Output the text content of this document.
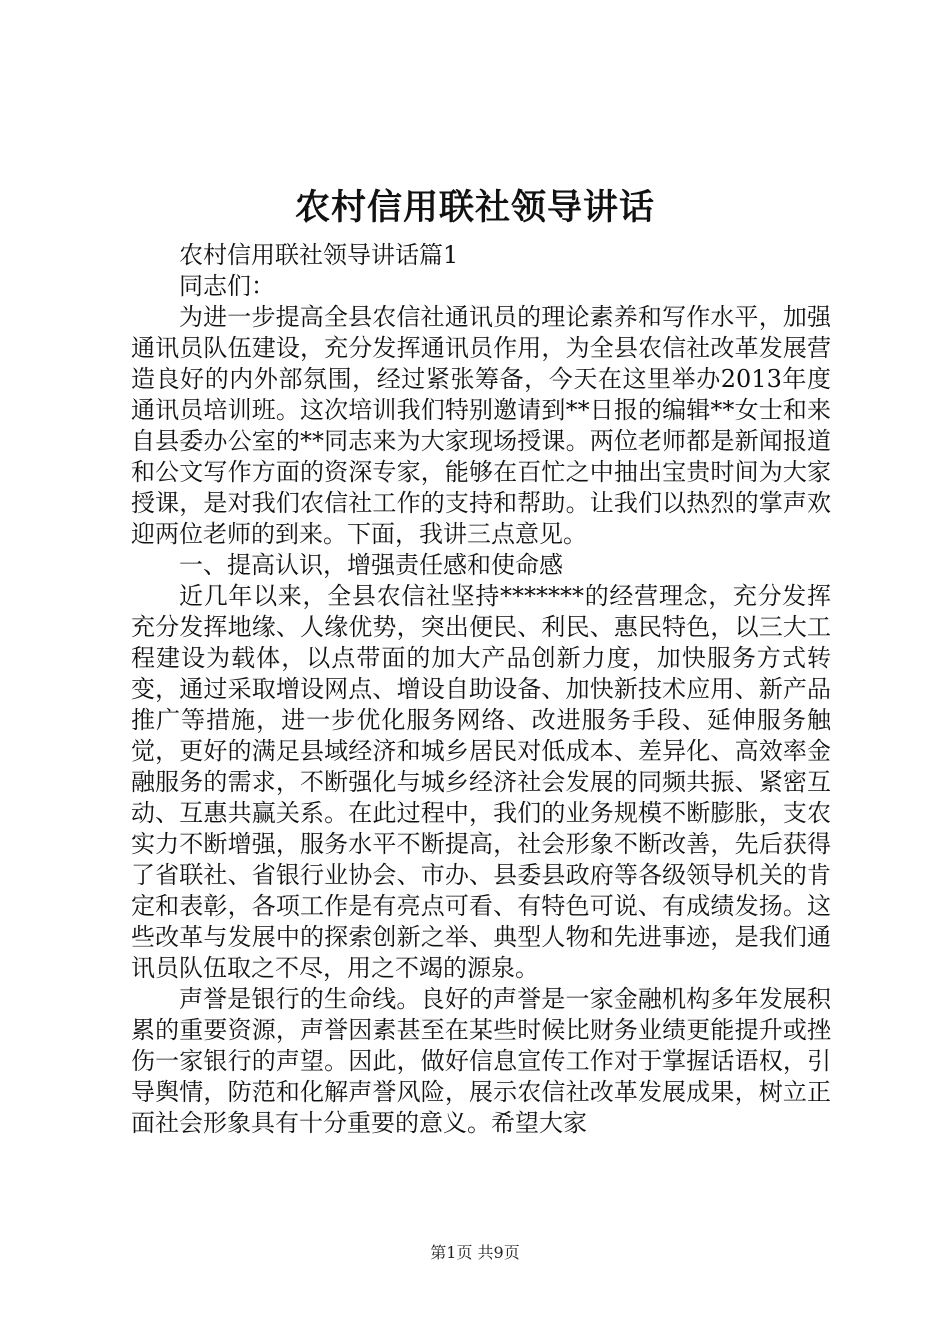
农村信用联社领导讲话

农村信用联社领导讲话篇1

同志们：

为进一步提高全县农信社通讯员的理论素养和写作水平，加强通讯员队伍建设，充分发挥通讯员作用，为全县农信社改革发展营造良好的内外部氛围，经过紧张筹备，今天在这里举办2013年度通讯员培训班。这次培训我们特别邀请到**日报的编辑**女士和来自县委办公室的**同志来为大家现场授课。两位老师都是新闻报道和公文写作方面的资深专家，能够在百忙之中抽出宝贵时间为大家授课，是对我们农信社工作的支持和帮助。让我们以热烈的掌声欢迎两位老师的到来。下面，我讲三点意见。

一、提高认识，增强责任感和使命感

近几年以来，全县农信社坚持*******的经营理念，充分发挥充分发挥地缘、人缘优势，突出便民、利民、惠民特色，以三大工程建设为载体，以点带面的加大产品创新力度，加快服务方式转变，通过采取增设网点、增设自助设备、加快新技术应用、新产品推广等措施，进一步优化服务网络、改进服务手段、延伸服务触觉，更好的满足县域经济和城乡居民对低成本、差异化、高效率金融服务的需求，不断强化与城乡经济社会发展的同频共振、紧密互动、互惠共赢关系。在此过程中，我们的业务规模不断膨胀，支农实力不断增强，服务水平不断提高，社会形象不断改善，先后获得了省联社、省银行业协会、市办、县委县政府等各级领导机关的肯定和表彰，各项工作是有亮点可看、有特色可说、有成绩发扬。这些改革与发展中的探索创新之举、典型人物和先进事迹，是我们通讯员队伍取之不尽，用之不竭的源泉。

声誉是银行的生命线。良好的声誉是一家金融机构多年发展积累的重要资源，声誉因素甚至在某些时候比财务业绩更能提升或挫伤一家银行的声望。因此，做好信息宣传工作对于掌握话语权，引导舆情，防范和化解声誉风险，展示农信社改革发展成果，树立正面社会形象具有十分重要的意义。希望大家

第1页 共9页
